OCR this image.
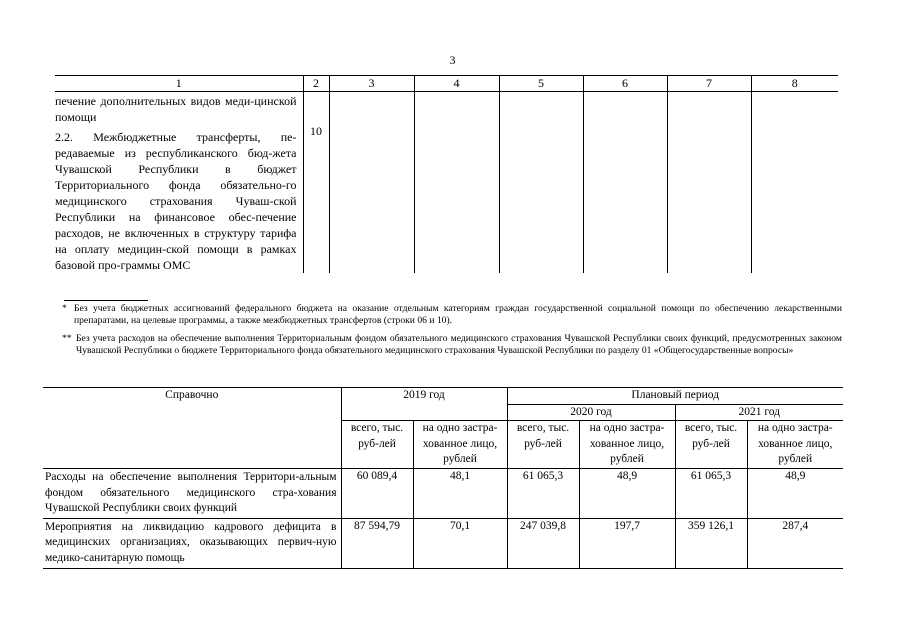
3
1	2	3	4	5	6	7	8

печение дополнительных видов меди-цинской помощи
2.2. Межбюджетные трансферты, пе-редаваемые из республиканского бюд-жета Чувашской Республики в бюджет Территориального фонда обязательно-го медицинского страхования Чуваш-ской Республики на финансовое обес-печение расходов, не включенных в структуру тарифа на оплату медицин-ской помощи в рамках базовой про-граммы ОМС	10						
* Без учета бюджетных ассигнований федерального бюджета на оказание отдельным категориям граждан государственной социальной помощи по обеспечению лекарственными препаратами, на целевые программы, а также межбюджетных трансфертов (строки 06 и 10).
** Без учета расходов на обеспечение выполнения Территориальным фондом обязательного медицинского страхования Чувашской Республики своих функций, предусмотренных законом Чувашской Республики о бюджете Территориального фонда обязательного медицинского страхования Чувашской Республики по разделу 01 «Общегосударственные вопросы»
Справочно	2019 год		Плановый период			
			2020 год		2021 год	
	всего, тыс. руб-лей	на одно застра-хованное лицо, рублей	всего, тыс. руб-лей	на одно застра-хованное лицо, рублей	всего, тыс. руб-лей	на одно застра-хованное лицо, рублей
Расходы на обеспечение выполнения Территори-альным фондом обязательного медицинского стра-хования Чувашской Республики своих функций	60 089,4	48,1	61 065,3	48,9	61 065,3	48,9
Мероприятия на ликвидацию кадрового дефицита в медицинских организациях, оказывающих первич-ную медико-санитарную помощь	87 594,79	70,1	247 039,8	197,7	359 126,1	287,4
